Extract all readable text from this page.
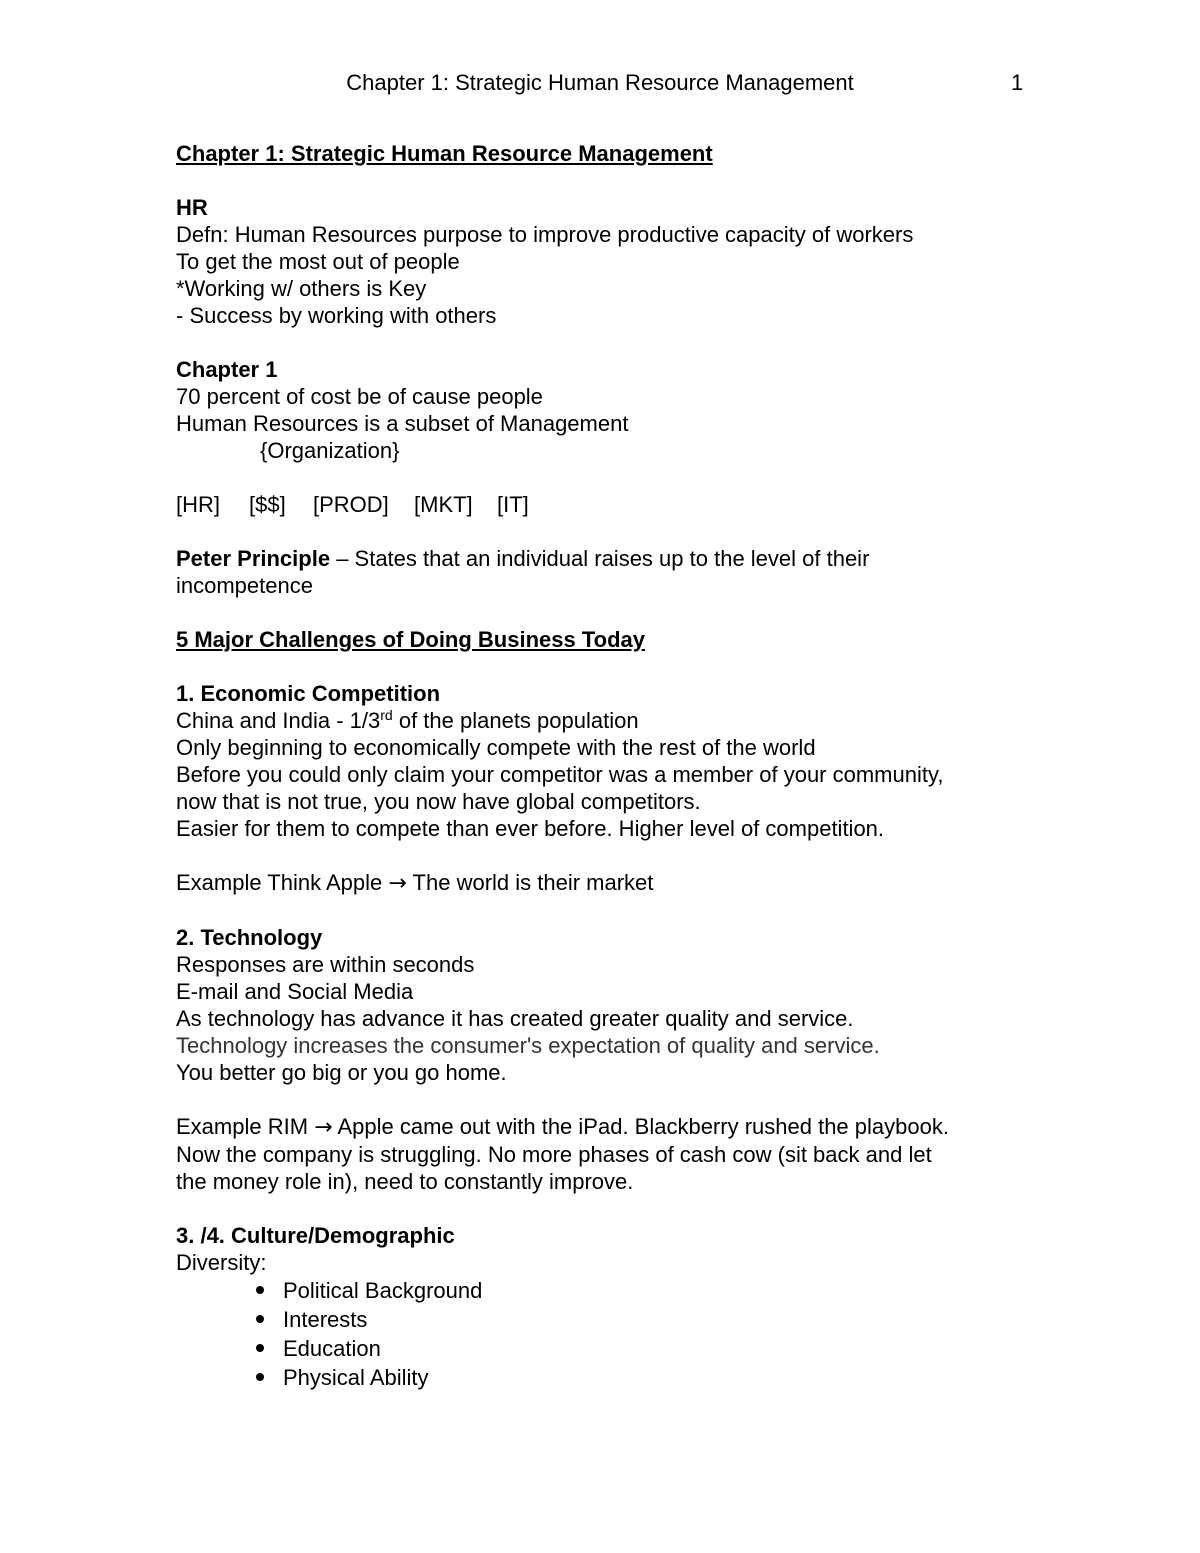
Chapter 1: Strategic Human Resource Management	1
Chapter 1: Strategic Human Resource Management
HR
Defn: Human Resources purpose to improve productive capacity of workers
To get the most out of people
*Working w/ others is Key
- Success by working with others
Chapter 1
70 percent of cost be of cause people
Human Resources is a subset of Management
{Organization}
[HR] [$$] [PROD] [MKT] [IT]
Peter Principle – States that an individual raises up to the level of their
incompetence
5 Major Challenges of Doing Business Today
1. Economic Competition
China and India - 1/3rd of the planets population
Only beginning to economically compete with the rest of the world
Before you could only claim your competitor was a member of your community,
now that is not true, you now have global competitors.
Easier for them to compete than ever before. Higher level of competition.
Example Think Apple → The world is their market
2. Technology
Responses are within seconds
E-mail and Social Media
As technology has advance it has created greater quality and service.
Technology increases the consumer's expectation of quality and service.
You better go big or you go home.
Example RIM → Apple came out with the iPad. Blackberry rushed the playbook.
Now the company is struggling. No more phases of cash cow (sit back and let
the money role in), need to constantly improve.
3. /4. Culture/Demographic
Diversity:
Political Background
Interests
Education
Physical Ability
